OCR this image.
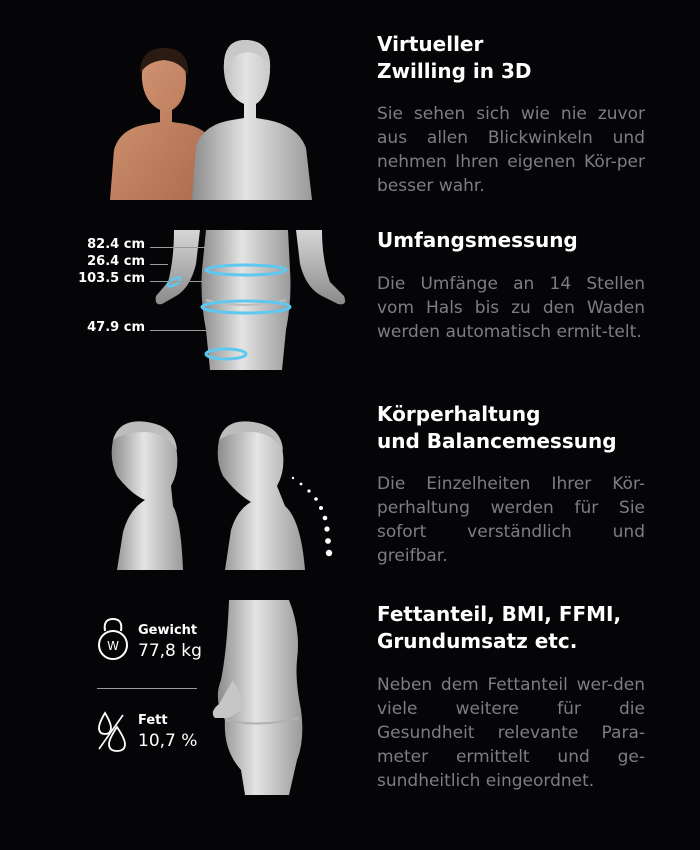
Virtueller
Zwilling in 3D

Sie sehen sich wie nie zuvor aus allen Blickwinkeln und nehmen Ihren eigenen Kör-per besser wahr.

82.4 cm
26.4 cm
103.5 cm
47.9 cm

Umfangsmessung

Die Umfänge an 14 Stellen vom Hals bis zu den Waden werden automatisch ermit-telt.

Körperhaltung
und Balancemessung

Die Einzelheiten Ihrer Kör-perhaltung werden für Sie sofort verständlich und greifbar.

W
Gewicht
77,8 kg
Fett
10,7 %

Fettanteil, BMI, FFMI,
Grundumsatz etc.

Neben dem Fettanteil wer-den viele weitere für die Gesundheit relevante Para-meter ermittelt und ge-sundheitlich eingeordnet.
